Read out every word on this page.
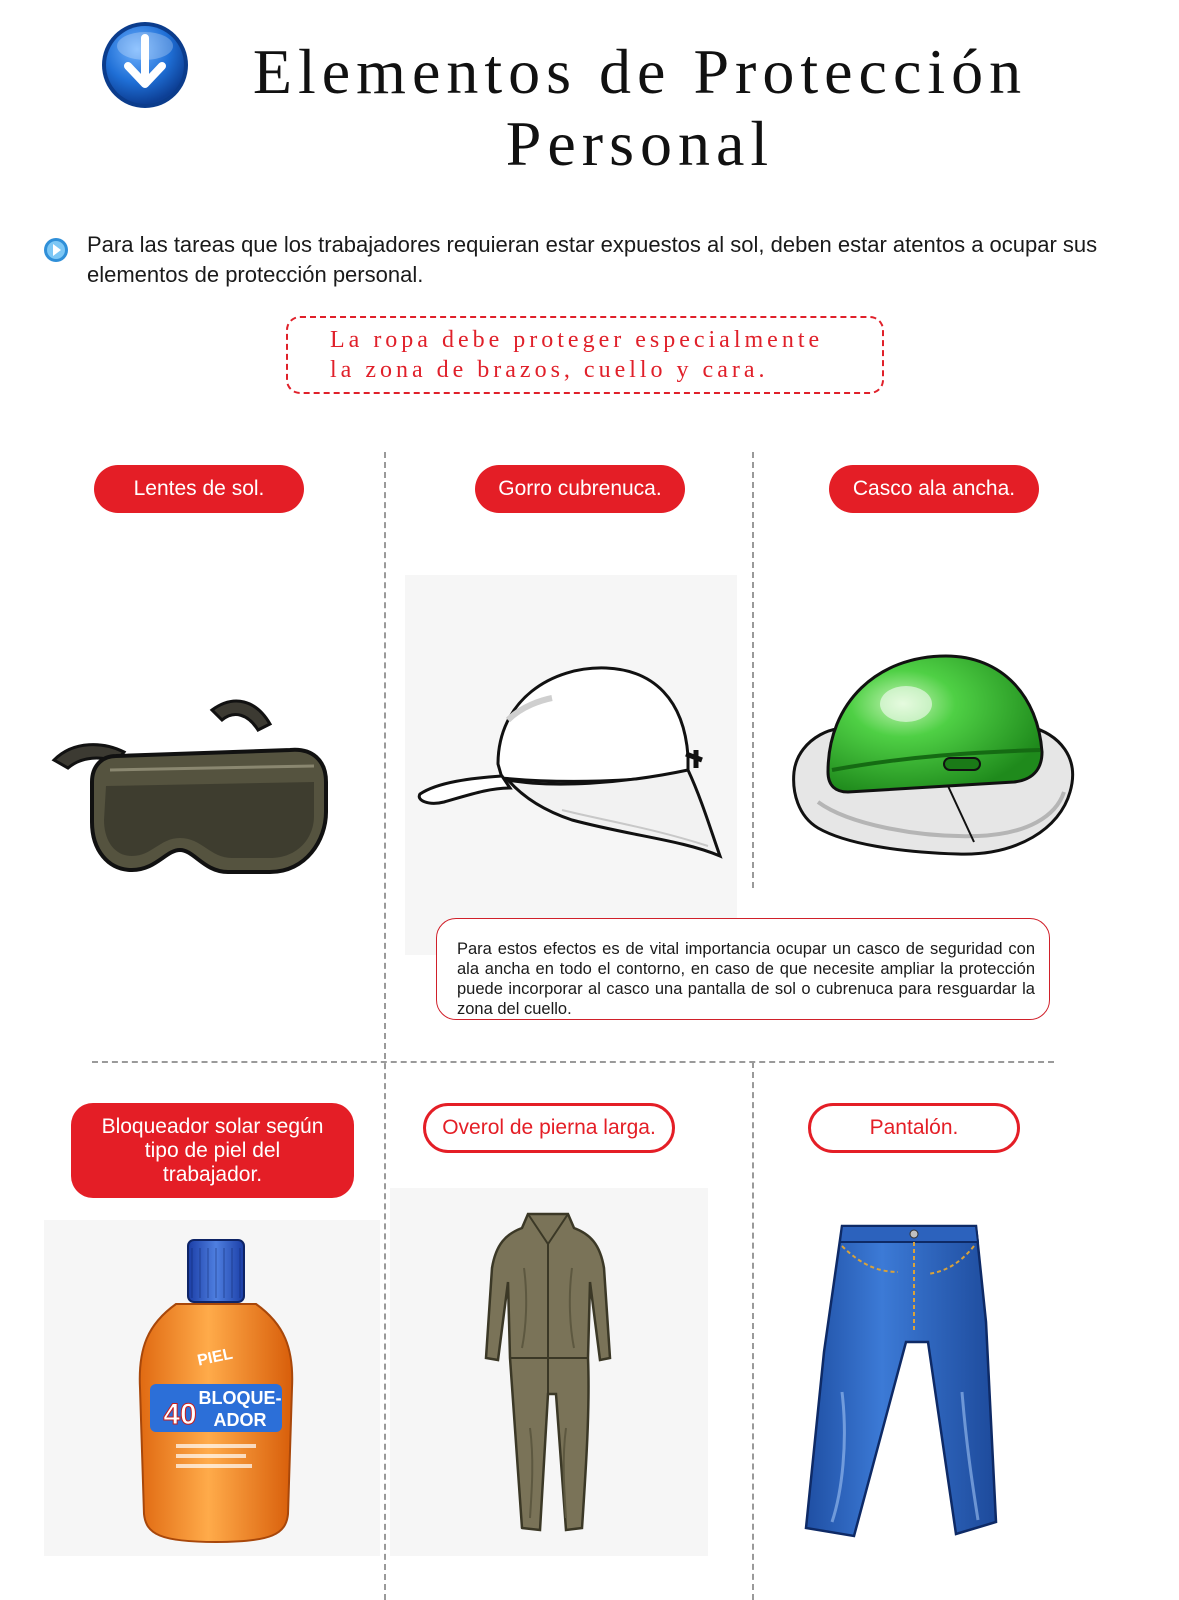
Elementos de Protección Personal
Para las tareas que los trabajadores requieran estar expuestos al sol, deben estar atentos a ocupar sus elementos de protección personal.
La ropa debe proteger especialmente la zona de brazos, cuello y cara.
Lentes de sol.	Gorro cubrenuca.	Casco ala ancha.
Bloqueador solar según tipo de piel del trabajador.
Overol de pierna larga.	Pantalón.
Para estos efectos es de vital importancia ocupar un casco de seguridad con ala ancha en todo el contorno, en caso de que necesite ampliar la protección puede incorporar al casco una pantalla de sol o cubrenuca para resguardar la zona del cuello.
PIEL
40 BLOQUE-
ADOR
